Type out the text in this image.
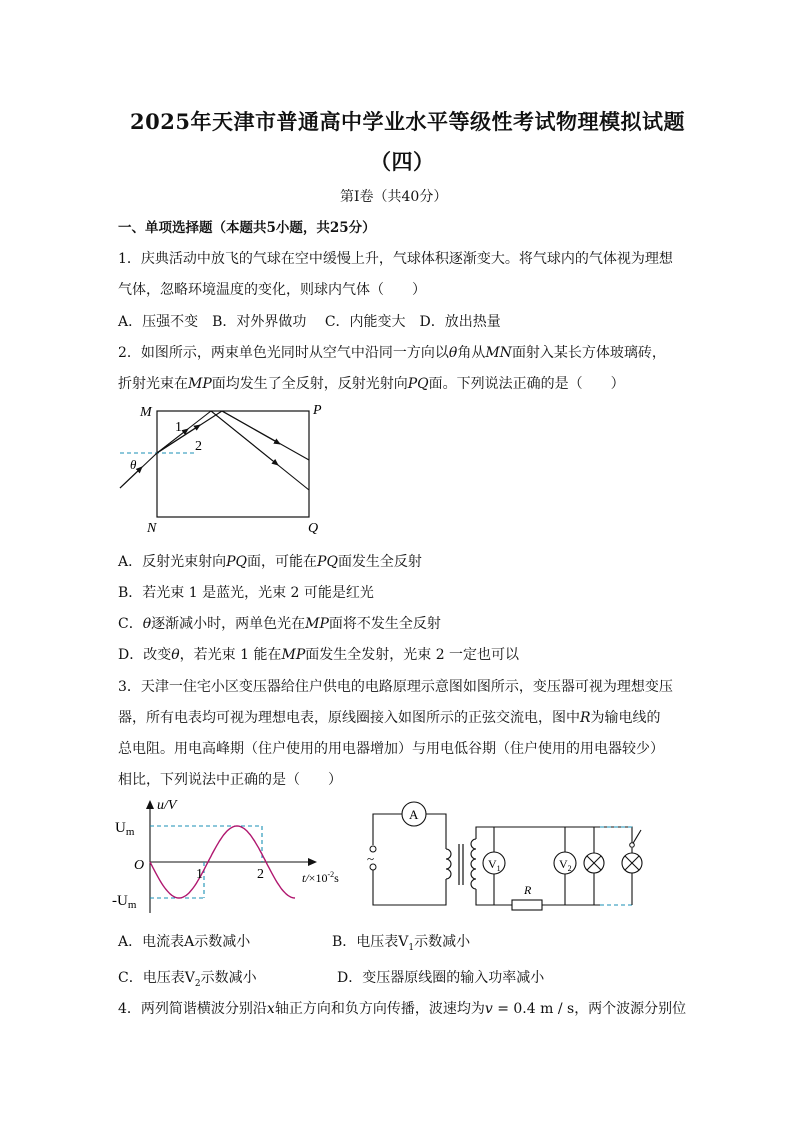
2025年天津市普通高中学业水平等级性考试物理模拟试题
（四）
第Ⅰ卷（共40分）
一、单项选择题（本题共5小题，共25分）
1．庆典活动中放飞的气球在空中缓慢上升，气球体积逐渐变大。将气球内的气体视为理想
气体，忽略环境温度的变化，则球内气体（　　）
A．压强不变　B．对外界做功　 C．内能变大　D．放出热量
2．如图所示，两束单色光同时从空气中沿同一方向以θ角从MN面射入某长方体玻璃砖，
折射光束在MP面均发生了全反射，反射光射向PQ面。下列说法正确的是（　　）
M	P
N	Q
1
2
θ
A．反射光束射向PQ面，可能在PQ面发生全反射
B．若光束 1 是蓝光，光束 2 可能是红光
C．θ逐渐减小时，两单色光在MP面将不发生全反射
D．改变θ，若光束 1 能在MP面发生全发射，光束 2 一定也可以
3．天津一住宅小区变压器给住户供电的电路原理示意图如图所示，变压器可视为理想变压
器，所有电表均可视为理想电表，原线圈接入如图所示的正弦交流电，图中R为输电线的
总电阻。用电高峰期（住户使用的用电器增加）与用电低谷期（住户使用的用电器较少）
相比，下列说法中正确的是（　　）
u/V
$U_m$
O
$-U_m$
1	2	$t/\times 10^{-2}s$
A
~
R
$V_1$	$V_2$
A．电流表A示数减小	B．电压表$V_1$示数减小
C．电压表$V_2$示数减小	D．变压器原线圈的输入功率减小
4．两列简谐横波分别沿x轴正方向和负方向传播，波速均为v = 0.4 m / s，两个波源分别位
